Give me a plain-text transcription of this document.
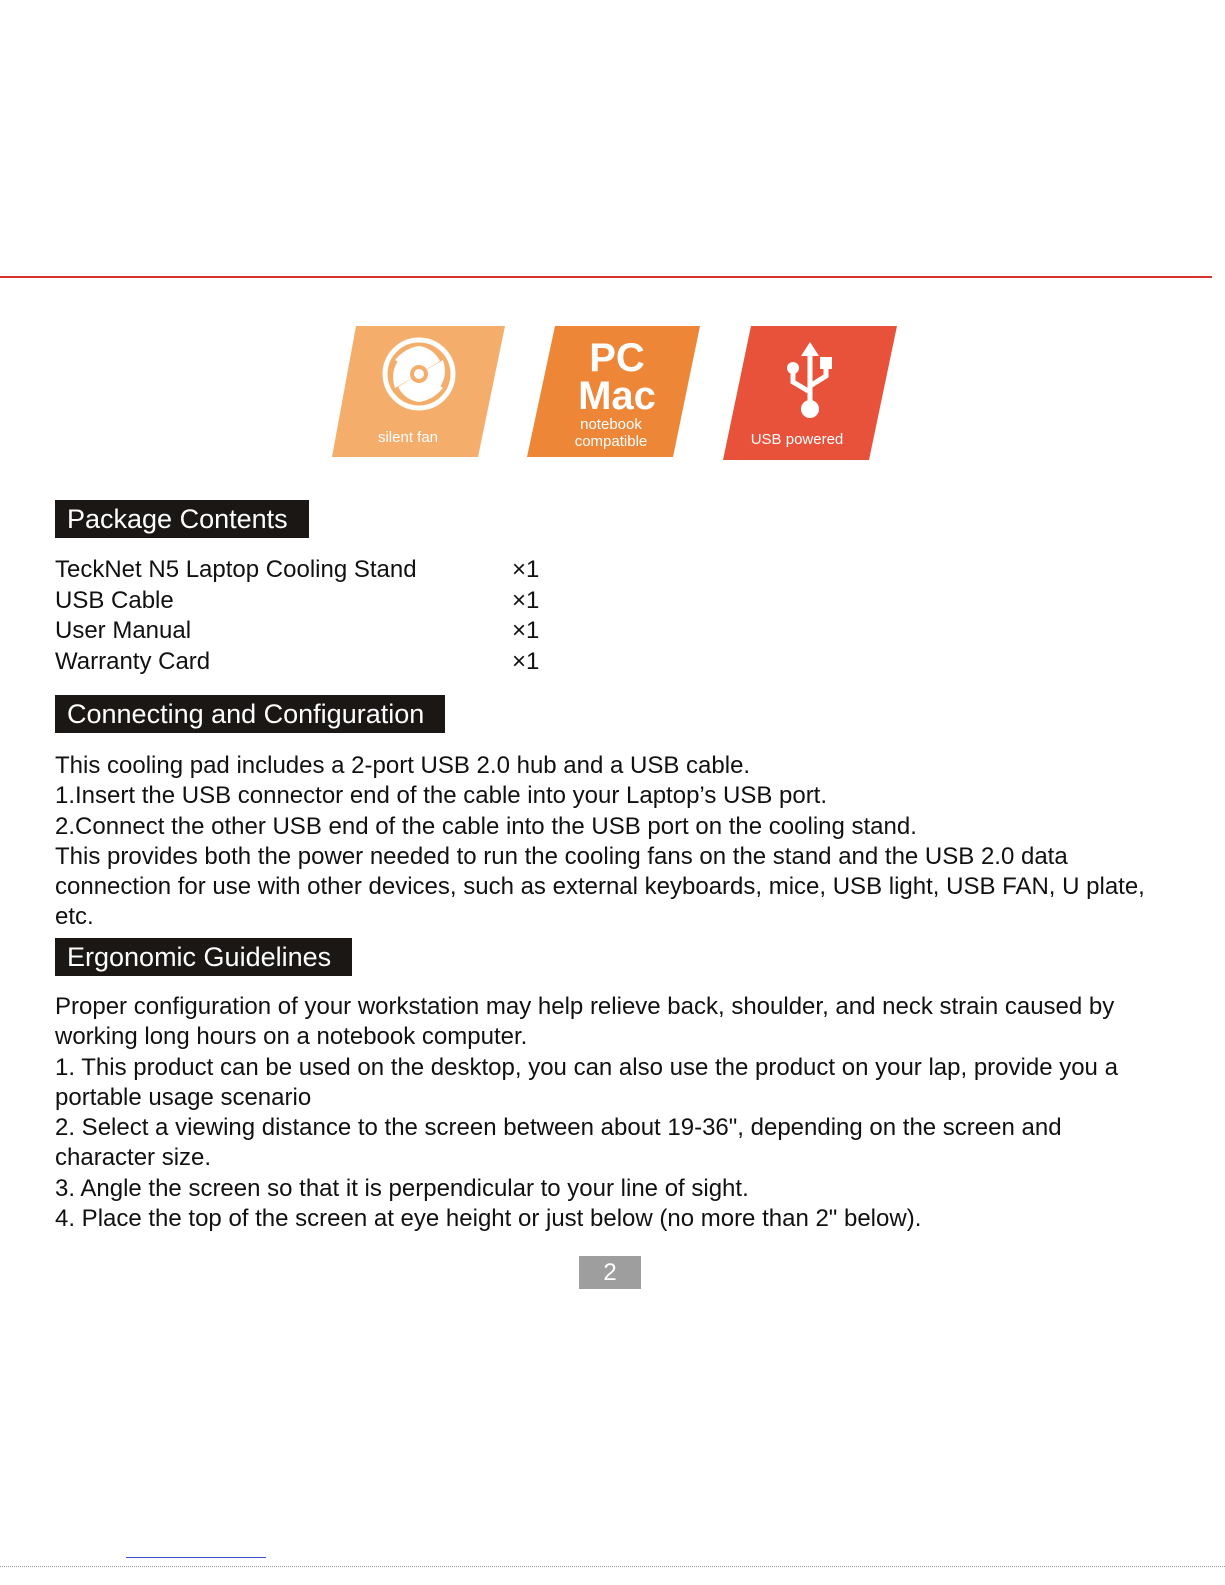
silent fan
PC
Mac
notebook
compatible	USB powered
Package Contents
TeckNet N5 Laptop Cooling Stand	×1
USB Cable	×1
User Manual	×1
Warranty Card	×1
Connecting and Configuration

This cooling pad includes a 2-port USB 2.0 hub and a USB cable.

1.Insert the USB connector end of the cable into your Laptop’s USB port.

2.Connect the other USB end of the cable into the USB port on the cooling stand.

This provides both the power needed to run the cooling fans on the stand and the USB 2.0 data connection for use with other devices, such as external keyboards, mice, USB light, USB FAN, U plate, etc.

Ergonomic Guidelines

Proper configuration of your workstation may help relieve back, shoulder, and neck strain caused by working long hours on a notebook computer.

1. This product can be used on the desktop, you can also use the product on your lap, provide you a portable usage scenario

2. Select a viewing distance to the screen between about 19-36", depending on the screen and character size.

3. Angle the screen so that it is perpendicular to your line of sight.

4. Place the top of the screen at eye height or just below (no more than 2" below).

2
